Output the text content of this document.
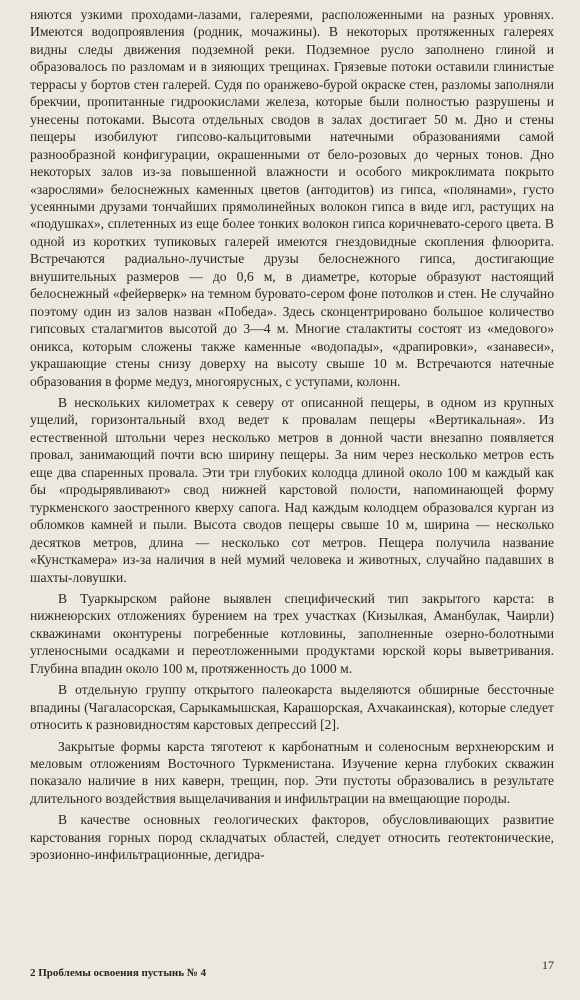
няются узкими проходами-лазами, галереями, расположенными на разных уровнях. Имеются водопроявления (родник, мочажины). В некоторых протяженных галереях видны следы движения подземной реки. Подземное русло заполнено глиной и образовалось по разломам и в зияющих трещинах. Грязевые потоки оставили глинистые террасы у бортов стен галерей. Судя по оранжево-бурой окраске стен, разломы заполняли брекчии, пропитанные гидроокислами железа, которые были полностью разрушены и унесены потоками. Высота отдельных сводов в залах достигает 50 м. Дно и стены пещеры изобилуют гипсово-кальцитовыми натечными образованиями самой разнообразной конфигурации, окрашенными от бело-розовых до черных тонов. Дно некоторых залов из-за повышенной влажности и особого микроклимата покрыто «зарослями» белоснежных каменных цветов (антодитов) из гипса, «полянами», густо усеянными друзами тончайших прямолинейных волокон гипса в виде игл, растущих на «подушках», сплетенных из еще более тонких волокон гипса коричневато-серого цвета. В одной из коротких тупиковых галерей имеются гнездовидные скопления флюорита. Встречаются радиально-лучистые друзы белоснежного гипса, достигающие внушительных размеров — до 0,6 м, в диаметре, которые образуют настоящий белоснежный «фейерверк» на темном буровато-сером фоне потолков и стен. Не случайно поэтому один из залов назван «Победа». Здесь сконцентрировано большое количество гипсовых сталагмитов высотой до 3—4 м. Многие сталактиты состоят из «медового» оникса, которым сложены также каменные «водопады», «драпировки», «занавеси», украшающие стены снизу доверху на высоту свыше 10 м. Встречаются натечные образования в форме медуз, многоярусных, с уступами, колонн.

В нескольких километрах к северу от описанной пещеры, в одном из крупных ущелий, горизонтальный вход ведет к провалам пещеры «Вертикальная». Из естественной штольни через несколько метров в донной части внезапно появляется провал, занимающий почти всю ширину пещеры. За ним через несколько метров есть еще два спаренных провала. Эти три глубоких колодца длиной около 100 м каждый как бы «продырявливают» свод нижней карстовой полости, напоминающей форму туркменского заостренного кверху сапога. Над каждым колодцем образовался курган из обломков камней и пыли. Высота сводов пещеры свыше 10 м, ширина — несколько десятков метров, длина — несколько сот метров. Пещера получила название «Кунсткамера» из-за наличия в ней мумий человека и животных, случайно падавших в шахты-ловушки.

В Туаркырском районе выявлен специфический тип закрытого карста: в нижнеюрских отложениях бурением на трех участках (Кизылкая, Аманбулак, Чаирли) скважинами оконтурены погребенные котловины, заполненные озерно-болотными угленосными осадками и переотложенными продуктами юрской коры выветривания. Глубина впадин около 100 м, протяженность до 1000 м.

В отдельную группу открытого палеокарста выделяются обширные бессточные впадины (Чагаласорская, Сарыкамышская, Карашорская, Ахчакаинская), которые следует относить к разновидностям карстовых депрессий [2].

Закрытые формы карста тяготеют к карбонатным и соленосным верхнеюрским и меловым отложениям Восточного Туркменистана. Изучение керна глубоких скважин показало наличие в них каверн, трещин, пор. Эти пустоты образовались в результате длительного воздействия выщелачивания и инфильтрации на вмещающие породы.

В качестве основных геологических факторов, обусловливающих развитие карстования горных пород складчатых областей, следует относить геотектонические, эрозионно-инфильтрационные, дегидра-

2 Проблемы освоения пустынь № 4
17
